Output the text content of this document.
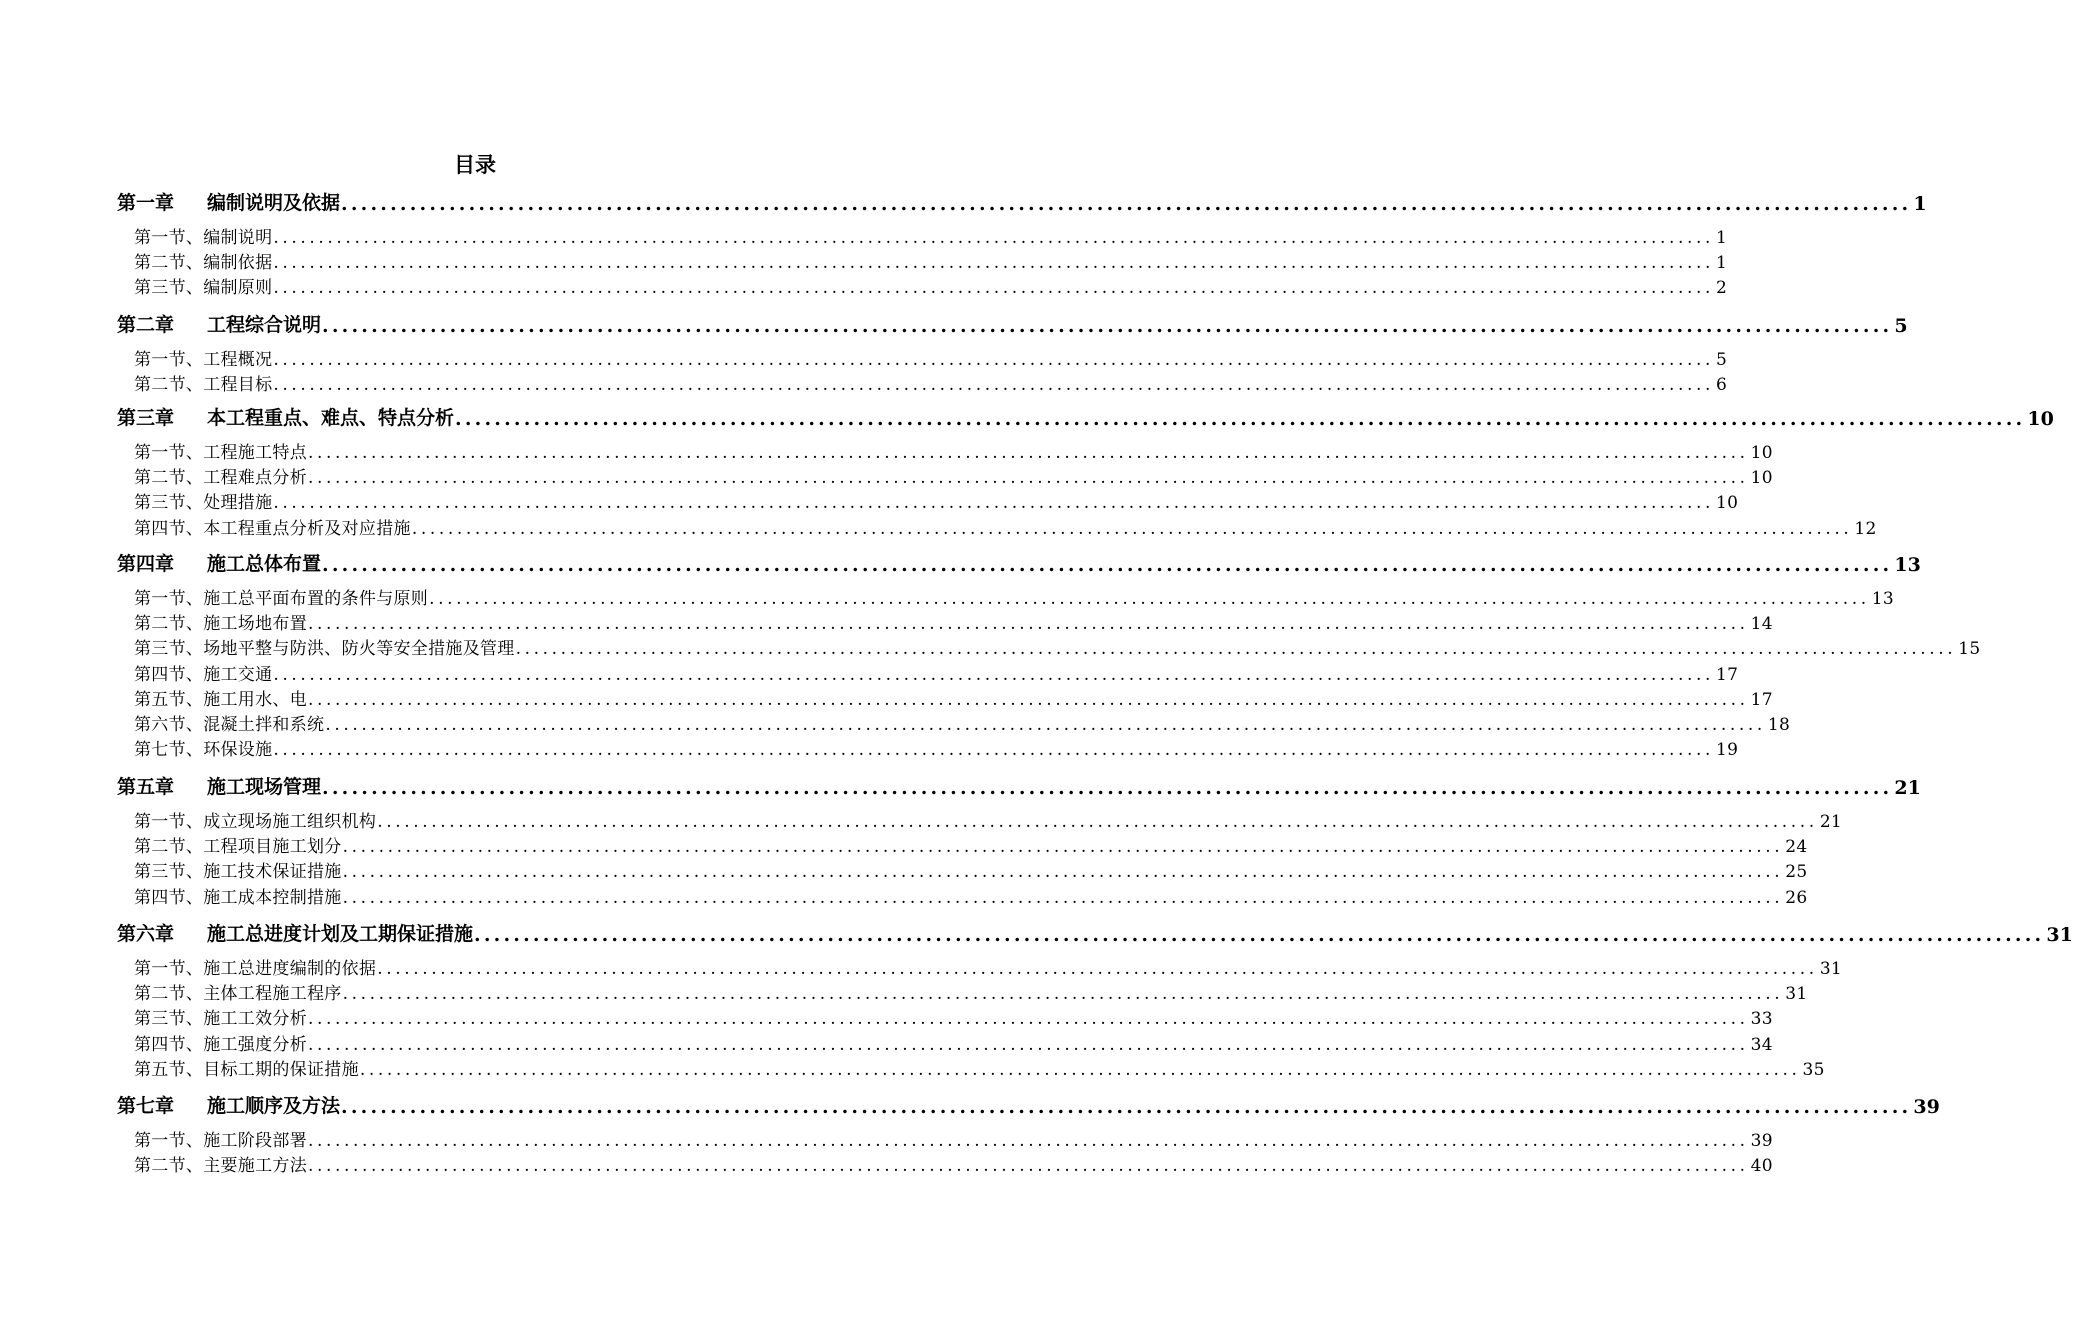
目录
第一章	编制说明及依据 ................................................................................................................................................................ 1
第一节、编制说明 ................................................................................................................................................................ 1
第二节、编制依据 ................................................................................................................................................................ 1
第三节、编制原则 ................................................................................................................................................................ 2
第二章	工程综合说明 ................................................................................................................................................................ 5
第一节、工程概况 ................................................................................................................................................................ 5
第二节、工程目标 ................................................................................................................................................................ 6
第三章	本工程重点、难点、特点分析 ................................................................................................................................................................ 10
第一节、工程施工特点 ................................................................................................................................................................ 10
第二节、工程难点分析 ................................................................................................................................................................ 10
第三节、处理措施 ................................................................................................................................................................ 10
第四节、本工程重点分析及对应措施 ................................................................................................................................................................ 12
第四章	施工总体布置 ................................................................................................................................................................ 13
第一节、施工总平面布置的条件与原则 ................................................................................................................................................................ 13
第二节、施工场地布置 ................................................................................................................................................................ 14
第三节、场地平整与防洪、防火等安全措施及管理 ................................................................................................................................................................ 15
第四节、施工交通 ................................................................................................................................................................ 17
第五节、施工用水、电 ................................................................................................................................................................ 17
第六节、混凝土拌和系统 ................................................................................................................................................................ 18
第七节、环保设施 ................................................................................................................................................................ 19
第五章	施工现场管理 ................................................................................................................................................................ 21
第一节、成立现场施工组织机构 ................................................................................................................................................................ 21
第二节、工程项目施工划分 ................................................................................................................................................................ 24
第三节、施工技术保证措施 ................................................................................................................................................................ 25
第四节、施工成本控制措施 ................................................................................................................................................................ 26
第六章	施工总进度计划及工期保证措施 ................................................................................................................................................................ 31
第一节、施工总进度编制的依据 ................................................................................................................................................................ 31
第二节、主体工程施工程序 ................................................................................................................................................................ 31
第三节、施工工效分析 ................................................................................................................................................................ 33
第四节、施工强度分析 ................................................................................................................................................................ 34
第五节、目标工期的保证措施 ................................................................................................................................................................ 35
第七章	施工顺序及方法 ................................................................................................................................................................ 39
第一节、施工阶段部署 ................................................................................................................................................................ 39
第二节、主要施工方法 ................................................................................................................................................................ 40
